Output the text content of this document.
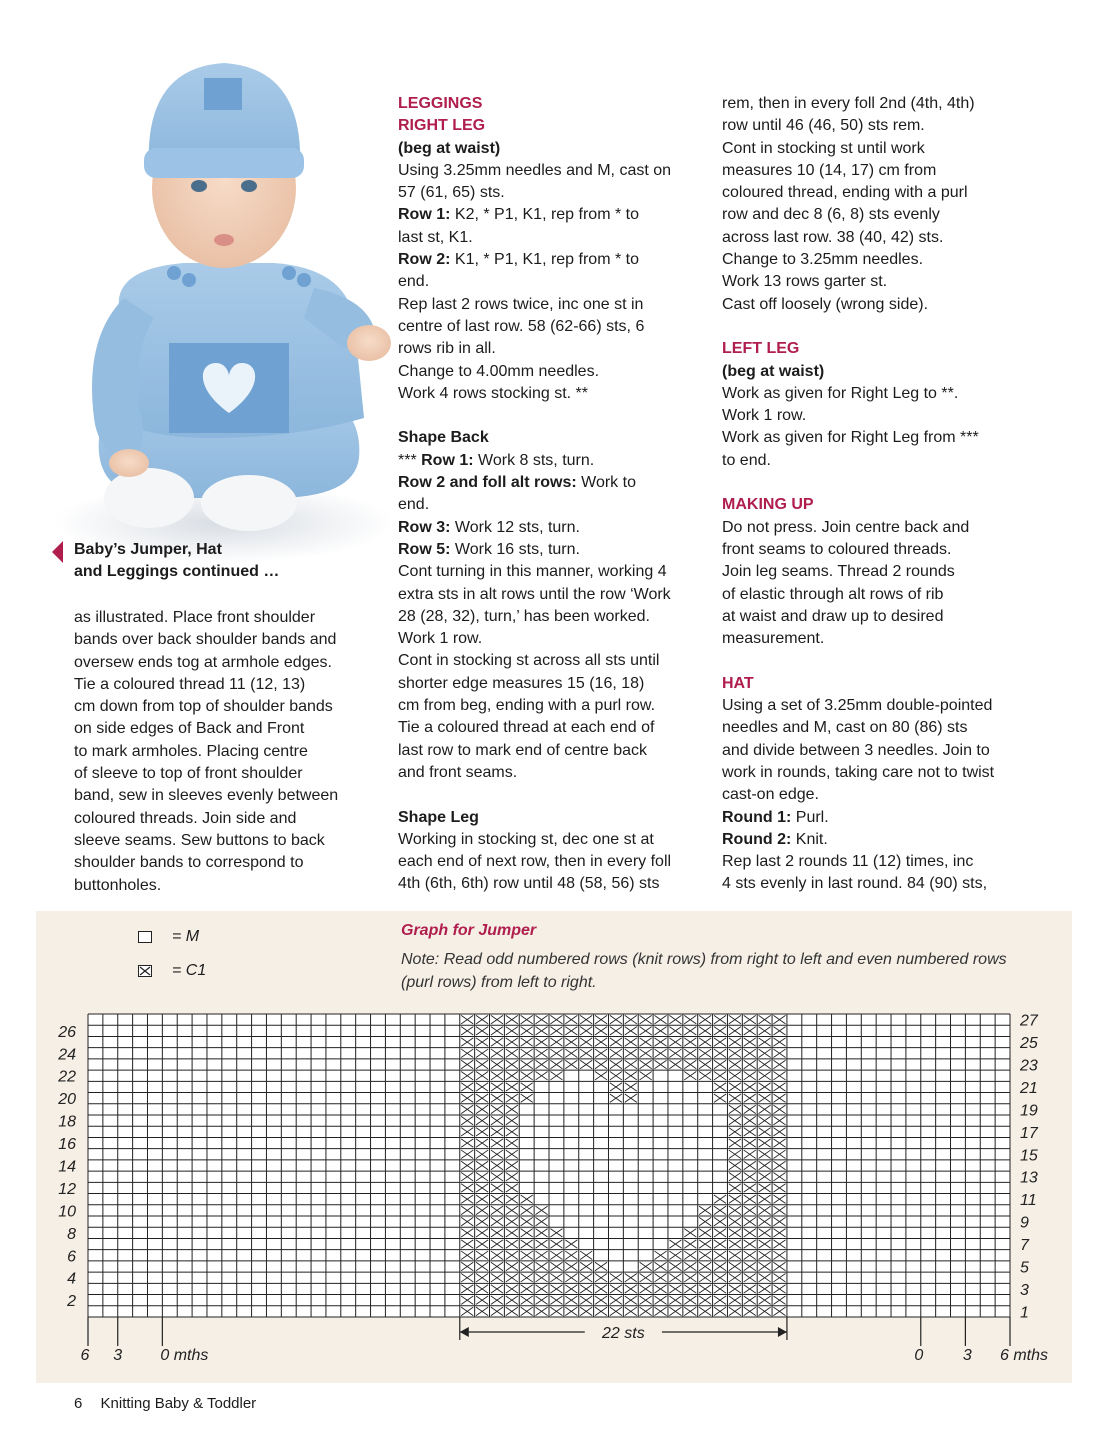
Baby’s Jumper, Hat
and Leggings continued …

as illustrated. Place front shoulder
bands over back shoulder bands and
oversew ends tog at armhole edges.
Tie a coloured thread 11 (12, 13)
cm down from top of shoulder bands
on side edges of Back and Front
to mark armholes. Placing centre
of sleeve to top of front shoulder
band, sew in sleeves evenly between
coloured threads. Join side and
sleeve seams. Sew buttons to back
shoulder bands to correspond to
buttonholes.

LEGGINGS
RIGHT LEG
(beg at waist)

Using 3.25mm needles and M, cast on
57 (61, 65) sts.

Row 1: K2, * P1, K1, rep from * to
last st, K1.

Row 2: K1, * P1, K1, rep from * to
end.

Rep last 2 rows twice, inc one st in
centre of last row. 58 (62-66) sts, 6
rows rib in all.
Change to 4.00mm needles.
Work 4 rows stocking st. **

Shape Back

*** Row 1: Work 8 sts, turn.

Row 2 and foll alt rows: Work to
end.

Row 3: Work 12 sts, turn.

Row 5: Work 16 sts, turn.

Cont turning in this manner, working 4
extra sts in alt rows until the row ‘Work
28 (28, 32), turn,’ has been worked.
Work 1 row.
Cont in stocking st across all sts until
shorter edge measures 15 (16, 18)
cm from beg, ending with a purl row.
Tie a coloured thread at each end of
last row to mark end of centre back
and front seams.

Shape Leg

Working in stocking st, dec one st at
each end of next row, then in every foll
4th (6th, 6th) row until 48 (58, 56) sts

rem, then in every foll 2nd (4th, 4th)
row until 46 (46, 50) sts rem.
Cont in stocking st until work
measures 10 (14, 17) cm from
coloured thread, ending with a purl
row and dec 8 (6, 8) sts evenly
across last row. 38 (40, 42) sts.
Change to 3.25mm needles.
Work 13 rows garter st.
Cast off loosely (wrong side).

LEFT LEG
(beg at waist)

Work as given for Right Leg to **.
Work 1 row.
Work as given for Right Leg from ***
to end.

MAKING UP

Do not press. Join centre back and
front seams to coloured threads.
Join leg seams. Thread 2 rounds
of elastic through alt rows of rib
at waist and draw up to desired
measurement.

HAT

Using a set of 3.25mm double-pointed
needles and M, cast on 80 (86) sts
and divide between 3 needles. Join to
work in rounds, taking care not to twist
cast-on edge.

Round 1: Purl.

Round 2: Knit.

Rep last 2 rounds 11 (12) times, inc
4 sts evenly in last round. 84 (90) sts,

= M
= C1
Graph for Jumper
Note: Read odd numbered rows (knit rows) from right to left and even numbered rows (purl rows) from left to right.
2
4
6
8
10
12
14
16
18
20
22
24
26
1
3
5
7
9
11
13
15
17
19
21
23
25
27
22 sts
6 3 0 mths	0 3 6 mths
6 Knitting Baby & Toddler
